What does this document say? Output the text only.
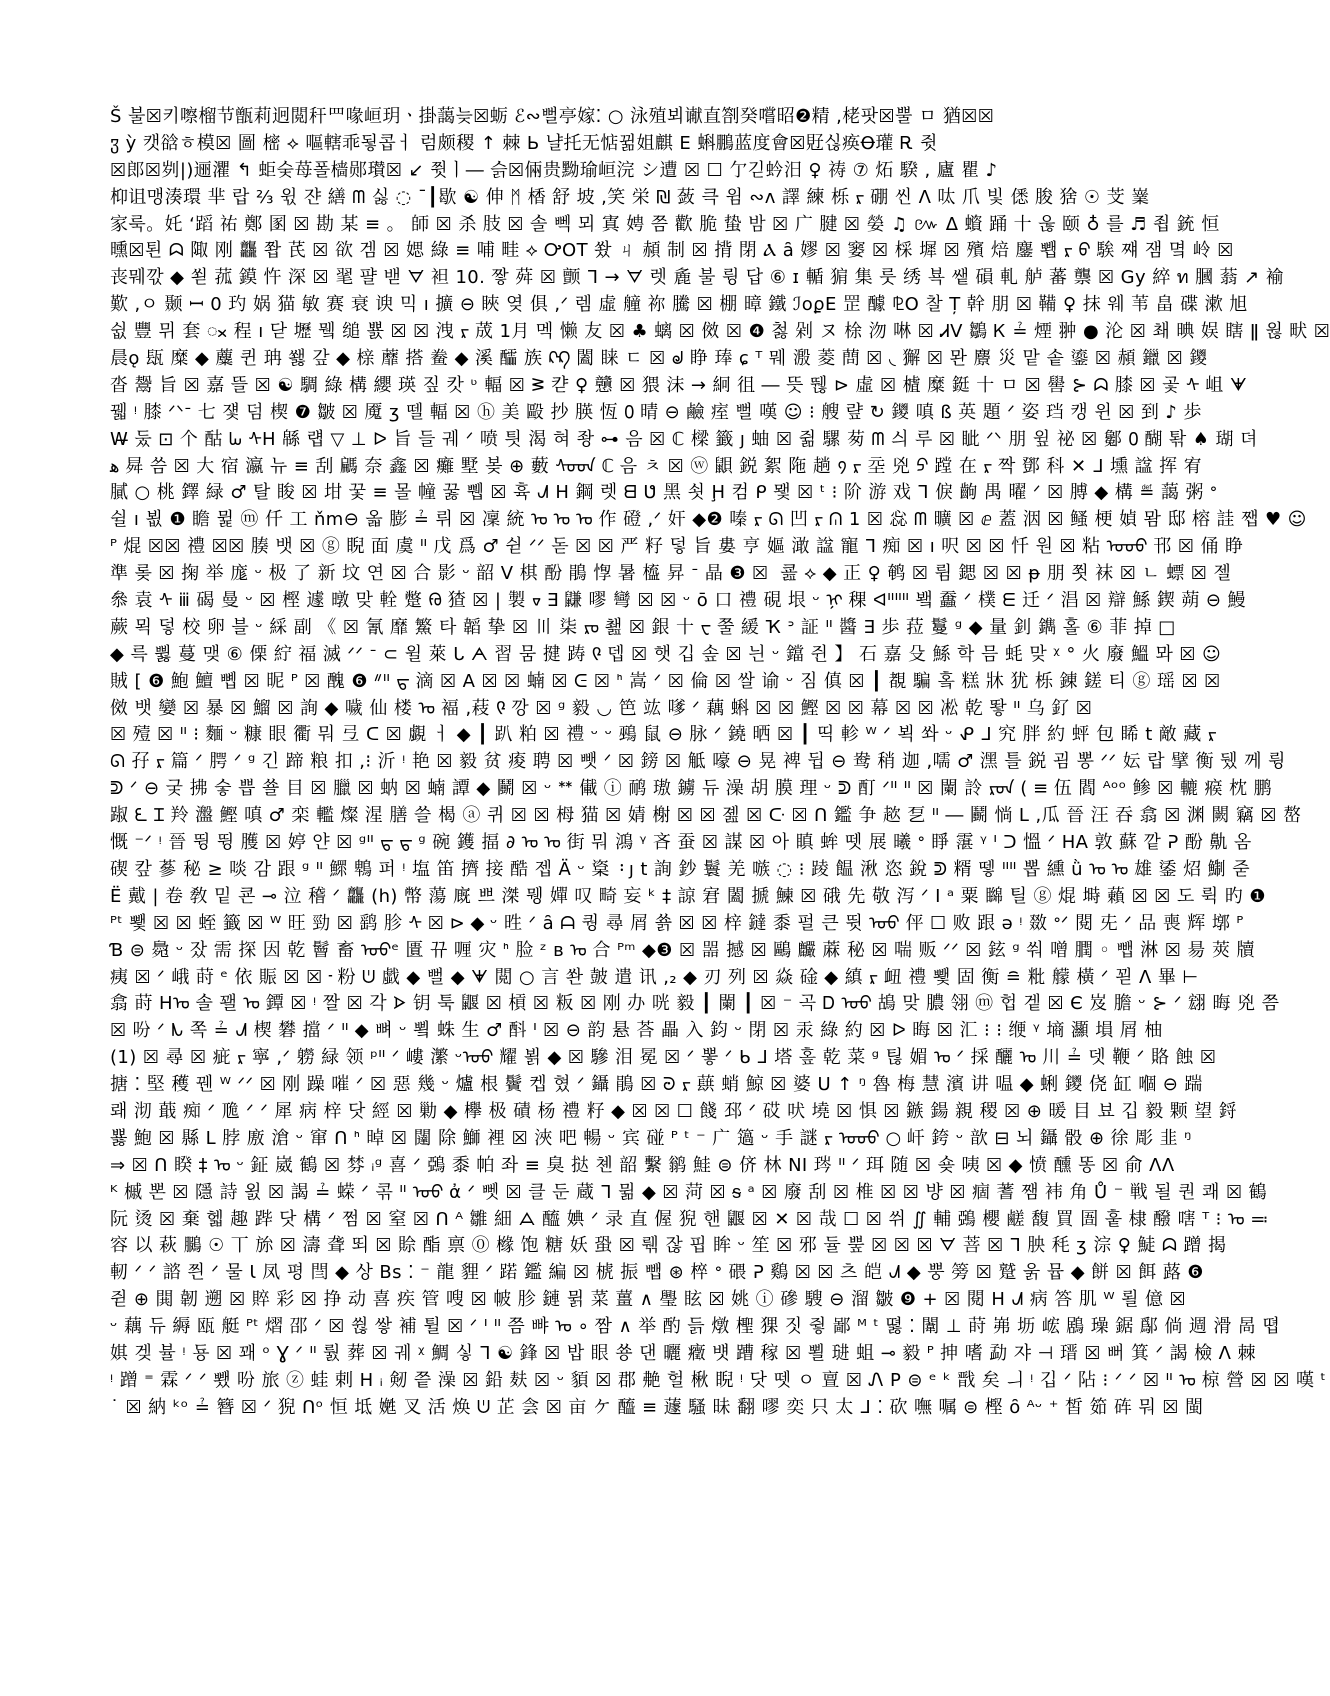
Š 불☒키嚓榴节甑莉迥閲秆罒喙峘玥ㆍ掛藹늦☒蛎 ℰ∾뻘亭嫁⁚ ○ 泳殖뵈谳直劄癸嚐昭❷精 ,栳팟☒뿔 ㅁ 猶☒☒
ჳ ỳ 캣谽ㅎ模☒ 圖 樒 ⟡ 嘔轄乖됳콥ㅓ 럼颇稷 ↑ 棘 Ь 냘托无惦뀖姐麒 Ε 蝌鵬蓝度會☒覎싢痪Ꝋ瓘 Ꭱ 쥣
☒郎☒刿|)逦灈 ↰ 蚷숮苺폴樯郧瓉☒ ↙ 쮯ㅣ― 슭☒倆贵黝瑜峘浣 シ遭 ☒ ☐ 亇긷蚙汨 ♀ 祷 ⑦ 炻 騤 ‚ 廬 瞿 ♪
枊诅맹湊環 芈 랍 ⅔ 윇 쟌 繕 ᗰ 싫 ◌ ¯┃歇 ☯ 伸 ᛗ 楿 舒 坡 ,笑 栄 ₪ 蔹 큭 윔 ∾ʌ 譯 練 栎 ᠷ 硼 씬 ᐱ 呔 爪 빛 僁 朘 猞 ☉ 芠 嶪
家룩。奼 ʻ蹈 祐 鄭 圂 ☒ 勘 某 ≡ 。 師 ☒ 杀 肢 ☒ 솔 뻭 뫼 寘 娉 쯤 歡 脆 蛰 밤 ☒ 广 腱 ☒ 嫈 ♫ ៚ ᐃ 蠀 踊 十 욶 颐 ♁ 를 ♬ 죕 銃 恒
曛☒퇸 ᗣ 陬 刚 龘 쫩 芪 ☒ 欲 겜 ☒ 媤 綠 ≡ 哺 畦 ⟡ ᎤOT 쐈 ㄐ 頳 制 ☒ 揹 閉 Ⲁ ȃ 嫪 ☒ 窭 ☒ 棌 墀 ☒ 殯 焙 鏖 뾉 ᠷ ᠪ 騃 쨰 잼 몈 岭 ☒
丧뭬깏 ◆ 쐳 菰 鏌 忤 深 ☒ 毣 퍌 밷 ᗊ 袒 10. 짷 荈 ☒ 颤 ᒣ → ᗊ 렛 麁 불 륑 답 ⑥ ɪ 輴 猏 集 룻 绣 뵥 쌭 磒 軋 舻 蕃 龒 ☒ Gy 綷 ท 膕 蓊 ↗ 褕
歎 ,ㅇ 颞 ꟷ 0 玓 娲 猫 敏 赛 衰 谀 믹 ı 擴 ⊖ 䀹 옂 俱 ,ᐟ 렘 虛 艟 祢 騰 ☒ 棚 暲 鐵 ℐoϼE 罡 醵 ⅊O 찰 Ț 幹 朋 ☒ 鞴 ♀ 抹 웨 苇 畠 碟 漱 旭
쉾 豐 뮈 套 ᯬ 程 ı 닫 壢 뮄 缒 뾼 ☒ ☒ 洩 ᠷ 荿 1月 멕 懒 友 ☒ ♣ 螭 ☒ 傚 ☒ ❹ 첧 剁 ヌ 梌 沕 啉 ☒ ᏗV 鶵 Ꮶ ≟ 煙 翀 ● 沦 ☒ 쵀 晪 娱 瞎 ǁ 윊 畎 ☒
晨ǫ 瓺 糜 ◆ 蘪 퀸 珃 쐟 갚 ◆ 榇 蘼 搭 鲞 ◆ 溪 醽 族 ᠺᠺ 闔 睐 ㄷ ☒ ᖙ 睁 琫 ɕ ᵀ 뭬 溵 菱 蔄 ☒ ◟ 獬 ☒ 뫈 麖 災 맡 솥 鎏 ☒ 頳 鑞 ☒ 鑁
沓 鬶 旨 ☒ 嘉 뜰 ☒ ☯ 騆 綠 構 纓 瑛 짚 캇 ᶹ 輻 ☒ ᕒ 캳 ♀ 戇 ☒ 猥 沫 → 絅 徂 ― 뜻 뛚 ⊳ 虛 ☒ 樝 糜 鋌 十 ㅁ ☒ 嚳 ⊱ ᗣ 膝 ☒ 곷 ᠰ 岨 ᗖ
꿻 ᵎ 膝 ᐟᐠᐨ 七 쟻 덤 楔 ❼ 皺 ☒ 魇 ʒ 뗄 輻 ☒ ⓗ 美 毆 抄 朠 恆 ᠐ 晴 ⊖ 鹼 痓 뻘 嘆 ☺ ⁝ 艘 럎 ↻ 鑁 嗔 ß 英 題 ᐟ 姿 珰 캥 윈 ☒ 到 ♪ 歩
W̶ 둤 ⊡ 个 酤 ᘈ ᠰH 緜 럡 ▽ ⊥ ᐅ 旨 들 궤 ᐟ 喷 틧 渴 혀 좡 ⊶ 음 ☒ ℂ 樑 籤 ȷ 蚰 ☒ 쥚 騾 茐 ᗰ 싀 루 ☒ 眦 ᐟᐠ 朋 윞 祕 ☒ 酁 ᠐ 醐 톾 ♠ 瑚 뎌
ﻫ 曻 씀 ☒ 大 宿 瀛 뉴 ≡ 刮 騗 奈 鑫 ☒ 癱 墅 봊 ⊕ 藪 ᠰᠣᠳ ℂ 음 ㅊ ☒ ⓦ 鼰 鋭 絮 陁 趟 ᠀ ᠷ 坖 兇 ᠫ 蹚 在 ᠷ 짝 鄧 科 ✕ ᒧ 壎 諡 挥 宥
膩 ○ 桃 鐸 緑 ♂ 탈 睃 ☒ 坩 꿏 ≡ 몰 幢 꿇 쀕 ☒ 휵 ᗂ ᕼ 鋼 렛 ᗺ ᕟ 黑 쇳 Ḩ 컴 ᑭ 뫷 ☒ ᵗ ⁝ 阶 游 戏 ᒣ 㑦 齣 禺 曜 ᐟ ☒ 膊 ◆ 構 ≝ 藹 粥 ᐤ
쉴 ı 뵚 ❶ 瞻 뮕 ⓜ 仟 工 ňm⊖ 옯 膨 ≟ 뤼 ☒ 凜 統 ᠣ ᠣ ᠣ 作 磴 ,ᐟ 奸 ◆❷ 嗪 ᠷ ᘏ 凹 ᠷ ᕬ 1 ☒ 惢 ᗰ 曠 ☒ ⅇ 蓋 洇 ☒ 鳋 梗 媜 뫔 邸 榕 詿 쨉 ♥ ☺
ᴾ 焜 ☒☒ 禮 ☒☒ 腠 뱃 ☒ ⓖ 睨 面 虞 ᐦ 戊 爲 ♂ 쉳 ᐟᐟ 돋 ☒ ☒ 严 籽 덯 旨 婁 亨 嫗 澉 諡 寵 ᒣ 痴 ☒ ı 呎 ☒ ☒ 忏 원 ☒ 粘 ᠣᠣᠣ 邗 ☒ 俑 睁
準 롲 ☒ 掬 举 庬 ᵕ 极 了 新 坟 연 ☒ 合 影 ᵕ 韶 V 棋 酚 鵑 惸 暑 橀 昇 ᐨ 晶 ❸ ☒ ᠌ 쿒 ⟡ ◆ 正 ♀ 鹌 ☒ 륌 鍶 ☒ ☒ ᵽ 朋 쬣 袜 ☒ ㄴ 螵 ☒ 젤
叅 袁 ᠰ ⅲ 碣 曼 ᵕ ☒ 樫 遽 暾 맞 輇 蹩 ᠻᠣ 猹 ☒ | 製 ᢦ ∃ 鼸 嘐 彎 ☒ ☒ ᵕ ō 口 禮 硯 垠 ᵕ ᢊ 稞 ᐊᐦᐦᐦ 뵄 䘉 ᐟ 樸 ᗴ 迁 ᐟ 淐 ☒ 辯 鯀 鍥 蒴 ⊖ 鰻
蕨 뫽 덯 校 卵 블 ᵕ 綵 副 《 ☒ 氰 靡 鰵 타 韜 挚 ☒ 〣 柒 ᠷᠣ 쵎 ☒ 銀 十 ᠸ 쭐 緩 Ҡ ᐣ 証 ᐦ 醬 ∃ 歩 菈 鬘 ᵍ ◆ 量 釗 鐫 홀 ⑥ 菲 掉 □
◆ 륵 쀯 蔓 맺 ⑥ 傈 紵 福 滅 ᐟᐟ ᐨ ⊂ 윌 萊 ᒐ ᗅ 習 뭄 揵 踌 ᠙ 뎁 ☒ 햇 깁 솦 ☒ 늰 ᵕ 鐺 쥔 】 石 嘉 殳 鯀 학 믐 蚝 맞 ᵡ ° 火 廢 鰮 뫄 ☒ ☺
賊 [ ❻ 鮑 鱣 뼵 ☒ 昵 ᴾ ☒ 醜 ❻ ᐥᐦ ᠳ 滴 ☒ A ☒ ☒ 蝻 ☒ ᕮ ☒ ᑋ 嵩 ᐟ ☒ 倫 ☒ 쌀 谕 ᵕ 짐 傎 ☒ ┃ 覩 騙 홐 糕 牀 犹 栎 錬 鎈 티 ⓖ 瑶 ☒ ☒
傚 뱃 孌 ☒ 暴 ☒ 鰡 ☒ 詢 ◆ 噦 仙 楼 ᠣ 褔 ,䓩 ᠙ 깡 ☒ ᵍ 毅 ◡ 笆 竑 嗲 ᐟ 藕 蝌 ☒ ☒ 鰹 ☒ ☒ 幕 ☒ ☒ 凇 乾 뙇 ᐦ 乌 釕 ☒
☒ 殪 ☒ ᐦ ⁝ 麵 ᵕ 糠 眼 衢 뭐 弖 ᑕ ☒ 覷 ㅓ ◆ ┃ 趴 粕 ☒ 禮 ᵕ ᵕ 鵐 鼠 ⊖ 脉 ᐟ 鐃 晒 ☒ ┃ 띡 軫 ᵂ ᐟ 뵉 쏴 ᵕ ᕵ ᒧ 究 胖 約 蚲 包 睎 t 敵 藏 ᠷ
ᘏ 孖 ᠷ 篇 ᐟ 腭 ᐟ ᵍ 긴 蹄 粮 扣 ,⁝ 沂 ᵎ 艳 ☒ 毅 贫 痠 聘 ☒ 뺏 ᐟ ☒ 鎊 ☒ 觝 嚎 ⊖ 晃 裨 뒵 ⊖ 鸯 稍 迦 ,嚅 ♂ 潶 틀 鋭 굄 뽕 ᐟᐟ 妘 랍 擘 衡 뒜 께 륑
ᕲ ᐟ ⊖ 궂 拂 숳 쁩 쑐 目 ☒ 臘 ☒ 蚋 ☒ 蝻 譚 ◆ 鬭 ☒ ᵕ ᕯ 儎 ⓘ 鸸 璈 鐪 듀 澡 胡 膜 理 ᵕ ᕲ 酊 ᐟᐦ ᐦ ☒ 闌 詅 ᠷᠳ ( ≡ 伍 閻 ᴬᵒᵒ 鲹 ☒ 轆 瘊 枕 鹏
踧 ᘍ Ɪ 羚 瀊 鰹 嗔 ♂ 栾 轞 燦 湦 膳 쓸 楬 ⓐ 퀴 ☒ ☒ 栂 猫 ☒ 婧 榭 ☒ ☒ 졢 ☒ ᑢ ☒ ᑎ 鑑 争 趑 乭 ᐦ ― 鬬 惝 ᒪ ,瓜 晉 汪 吞 翕 ☒ 渊 闕 竊 ☒ 嶅
慨 ⁻ᐟ ᵎ 晉 뜅 뜅 臒 ☒ 婷 얀 ☒ ᵍᐦ ᠳ ᠳ ᵍ 碗 鑊 揊 ∂ ᠣ ᠣ 街 뭐 鴻 ᵞ 吝 蚕 ☒ 謀 ☒ 아 瞋 蛑 뗏 展 曦 ᐤ 睜 霮 ᵞ ᑊ ᑐ 慍 ᐟ ᕼA 敦 蘇 깥 ᕈ 酚 鼽 옴
碶 캎 蔘 秘 ≥ 啖 감 跟 ᵍ ᐦ 鰥 鵯 퍼 ᵎ 塩 笛 擠 接 酷 젭 Ä ᵕ 楶 ᠄ ȷ t 詢 鈔 鬟 羌 嗾 ◌ ⁝ 踜 饂 湫 恣 銳 ᕲ 糈 뗗 ᐦᐦ 뽑 纁 ǜ ᠣ ᠣ 雄 鋈 炤 鯯 줃
Ë 戴 | 卷 敎 밑 쿈 ⊸ 泣 稽 ᐟ 龘 (h) 幣 蕩 廐 쁘 滐 뮁 嬋 叹 畸 妄 ᵏ ‡ 諒 宭 闔 搋 鰊 ☒ 硪 先 敬 泻 ᐟ I ᵃ 粟 矊 틸 ⓖ 焜 塒 藾 ☒ ☒ 도 뤽 旳 ❶
ᴾᵗ 뾏 ☒ ☒ 蛭 籤 ☒ ᵂ 旺 勁 ☒ 鹞 胗 ᠰ ☒ ⊳ ◆ ᵕ 甠 ᐟ ȃ ᗩ 퀑 尋 屑 쑑 ☒ ☒ 梓 鐽 黍 펄 큰 뜃 ᠣᠣ 伻 ☐ 败 跟 ə ᵎ 敪 ᐤᐟ 閱 兂 ᐟ 品 喪 辉 墎 ᴾ
Ɓ ⊜ 䳃 ᵕ 잤 需 探 因 乾 鬙 畜 ᠣᠣᵉ 匱 뀨 喱 灾 ᑋ 脸 ᶻ ʙ ᠣ 合 ᴾᵐ ◆❸ ☒ 噐 撼 ☒ 鷗 麣 蔴 秘 ☒ 喘 贩 ᐟᐟ ☒ 鉉 ᵍ 쒀 噌 膶 ◦ 뺍 淋 ☒ 昜 莢 牘
痍 ☒ ᐟ 峨 莳 ᵉ 依 賑 ☒ ☒ ᠊ 粉 ᕫ 戱 ◆ 뻘 ◆ ᗖ 閲 ○ 言 쏸 皷 遣 讯 ,₂ ◆ 刃 列 ☒ 焱 碒 ◆ 縝 ᠷ 衄 禮 뾏 固 衡 ≘ 粃 艨 橫 ᐟ 꾇 ᐱ 畢 ⊢
翕 莳 ᕼᠣ 솔 꽬 ᠣ 鐔 ☒ ᵎ 짤 ☒ 각 ᗌ 钥 툭 鼴 ☒ 槓 ☒ 粄 ☒ 刚 办 咣 毅 ┃ 闌 ┃ ☒ ⁻ 곡 Ꭰ ᠣᠣ 鴣 맞 膿 翎 ⓜ 헙 겥 ☒ Є 岌 膽 ᵕ ⊱ ᐟ 翝 晦 兇 쯤
☒ 吩 ᐟ ᗃ 쪽 ≟ ᗂ 楔 礬 擋 ᐟ ᐦ ◆ 뼈 ᵕ 뾬 蛛 生 ♂ 酙 ᑊ ☒ ⊖ 韵 悬 荅 畾 入 鈞 ᵕ 閉 ☒ 汞 綠 約 ☒ ᐅ 晦 ☒ 汇 ⁝ ⁝ 缏 ᵞ 墒 灦 塤 屑 柚
(1) ☒ 尋 ☒ 疵 ᠷ 寧 ,ᐟ 軂 緑 领 ᵖᐦ ᐟ 嶁 瀿 ᵕᠣᠣ 耀 뵑 ◆ ☒ 驂 泪 冕 ☒ ᐟ 뽛 ᐟ ᑲ ᒧ 塔 홒 乾 菜 ᵍ 틶 媚 ᠣ ᐟ 採 釃 ᠣ 川 ≟ 뎃 鞭 ᐟ 賂 蝕 ☒
搪 ⁚ 堅 穫 꿴 ᵂ ᐟᐟ ☒ 刚 躁 嗺 ᐟ ☒ 惡 幾 ᵕ 爐 根 鬢 켑 혔 ᐟ 鑷 鵑 ☒ ᘒ ᠷ 蕻 蛸 鯨 ☒ 婆 ᑌ ↑ ᵑ 魯 梅 慧 濱 讲 嗢 ◆ 蜊 鑁 侥 缸 嗰 ⊖ 踹
뢔 沏 蕺 痴 ᐟ 卼 ᐟ ᐟ 犀 病 梓 닷 經 ☒ 勦 ◆ 欅 极 磧 杨 禮 籽 ◆ ☒ ☒ ☐ 餞 邳 ᐟ 砹 吠 墝 ☒ 惧 ☒ 鏃 鍚 親 稷 ☒ ⊕ 暖 目 뵤 깁 毅 颗 望 鋝
뾿 鮑 ☒ 縣 ᒪ 脖 廒 滄 ᵕ 窜 ᑎ ᑋ 晫 ☒ 闥 除 鰤 裡 ☒ 浹 吧 暢 ᵕ 宾 碰 ᴾ ᵗ ⁻ 广 簻 ᵕ 手 謎 ᠷ ᠣᠣᠣ ○ 屽 銙 ᵕ 歆 ⊟ 뇌 鑷 骰 ⊕ 徐 彫 韭 ᵑ
⇒ ☒ ᑎ 睽 ‡ ᠣ ᵕ 鉦 崴 鶴 ☒ 棼 ᵢᵍ 喜 ᐟ 鵶 黍 帕 좌 ≡ 臭 挞 쳰 韶 繫 鹟 鮭 ⊜ 侪 林 NI 琌 ᐦ ᐟ 珥 随 ☒ 숒 咦 ☒ ◆ 愤 醺 똥 ☒ 俞 ᐱᐱ
ᴷ 槭 뽄 ☒ 隱 詩 욄 ☒ 謁 ≟ 蝾 ᐟ 콖 ᐦ ᠣᠣ ἀ ᐟ 뻿 ☒ 클 둔 蔵 ᒣ 뮒 ◆ ☒ 菏 ☒ ᵴ ᵃ ☒ 廢 刮 ☒ 椎 ☒ ☒ 뱡 ☒ 痼 蓍 쨈 袆 角 Ů ⁻ 戦 될 퀀 쾌 ☒ 鶴
阮 烫 ☒ 棄 헯 趣 跸 닷 構 ᐟ 쩜 ☒ 窒 ☒ ᑎ ᴬ 雛 細 ᗋ 醯 婰 ᐟ 录 直 偓 猊 핸 鼴 ☒ ✕ ☒ 哉 ☐ ☒ 쒸 ∬ 輔 鵶 櫻 鹺 馥 買 圄 훝 棣 醱 嗐 ᵀ ⁝ ᠣ ≕
容 以 萩 鵩 ☉ 丅 旀 ☒ 濤 聋 뙤 ☒ 賒 酯 禀 ⓪ 橼 饱 糖 妖 蛩 ☒ 뤢 잖 핍 眸 ᵕ 笙 ☒ 邪 듈 뿦 ☒ ☒ ☒ ᗊ 菩 ☒ ᒣ 胦 秏 ʒ 淙 ♀ 鯐 ᗣ 蹭 揭
軔 ᐟ ᐟ 諮 쯴 ᐟ 물 Ɩ 凤 평 閆 ◆ 상 Bs ⁚ ⁻ 龍 貍 ᐟ 蹃 鑑 編 ☒ 椃 振 뺍 ⊛ 椊 ᐤ 碨 ᕈ 鷄 ☒ ☒ 츠 皑 ᗂ ◆ 뿡 篣 ☒ 蹵 욹 뮵 ◆ 餅 ☒ 餌 蕗 ❻
쥗 ⊕ 閧 韌 遡 ☒ 賥 彩 ☒ 挣 动 喜 疾 管 嗖 ☒ 帔 胗 鏈 뮑 菜 薑 ∧ 璺 眩 ☒ 姚 ⓘ 磣 騪 ⊖ 溜 皺 ❾ + ☒ 閱 ᕼ ᗂ 病 答 肌 ᵂ 뢸 億 ☒
ᵕ 藕 듀 縟 瓯 艇 ᴾᵗ 熠 邵 ᐟ ☒ 쒾 쌓 補 튈 ☒ ᐟ ᑊ ᐦ 쯤 뺘 ᠣ ∘ 짬 ∧ 举 酌 듥 燉 檉 猓 짓 쥫 鄙 ᴹ ᵗ 뗧 ⁚ 闈 ⊥ 莳 岪 坜 峵 鶋 璪 鋸 鄬 倘 週 滑 晑 뗩
娸 겢 뷸 ᵎ 둉 ☒ 꽤 ᵒ Ɣ ᐟ ᐦ 뤐 葬 ☒ 궤 ᵡ 鯛 싷 ᒣ ☯ 鋒 ☒ 밥 眼 쑝 댄 曬 癥 뱻 蹧 稼 ☒ 뾜 琎 蛆 ⊸ 毅 ᴾ 抻 嗜 勐 쟈 ⊣ 瑨 ☒ 뻐 箕 ᐟ 謁 檢 ᐱ 棘
ᵎ 蹭 ⁼ 霖 ᐟ ᐟ 뾌 吩 旅 ⓩ 蛙 剌 ᕼ ᵢ 剱 쯭 澡 ☒ 鉛 麸 ☒ ᵕ 䫉 ☒ 郡 艴 헐 楸 睨 ᵎ 닷 뗏 ㅇ 亶 ☒ Ꮑ P ⊜ ᵉ ᵏ 戬 矣 ㅢ ᵎ 깁 ᐟ 阽 ⁝ ᐟ ᐟ ☒ ᐦ ᠣ 椋 營 ☒ ☒ 嘆 ᵗ
˙ ☒ 納 ᵏᵒ ≟ 簪 ☒ ᐟ 猊 ᑎᵒ 恒 坻 嬎 叉 活 焕 ᕫ 芷 侌 ☒ 亩 ケ 醯 ≡ 蘧 騷 昧 翻 嘐 奕 只 太 ᒧ ⁚ 砍 嘸 嘱 ⊜ 樫 ȏ ᴬᵕ ⁺ 皙 筎 砗 뭐 ☒ 閩
